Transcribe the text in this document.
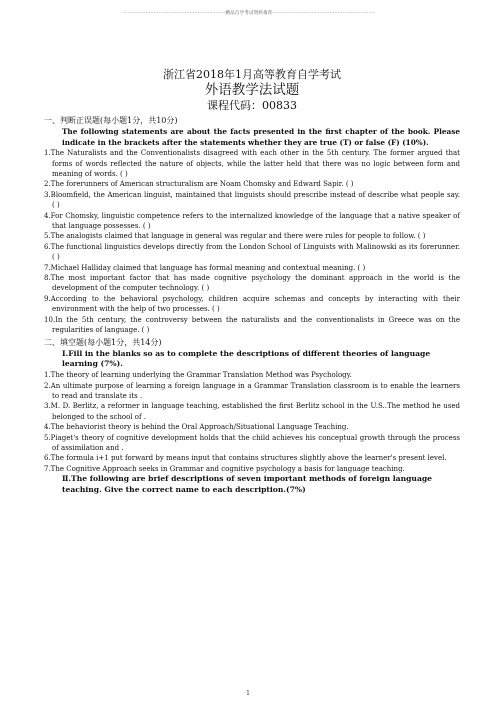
·······························································精品自学考试资料推荐·······························································

浙江省2018年1月高等教育自学考试

外语教学法试题

课程代码：00833

一、判断正误题(每小题1分，共10分)
The following statements are about the facts presented in the first chapter of the book. Please indicate in the brackets after the statements whether they are true (T) or false (F) (10%).
1.The Naturalists and the Conventionalists disagreed with each other in the 5th century. The former argued that forms of words reflected the nature of objects, while the latter held that there was no logic between form and meaning of words. ( )
2.The forerunners of American structuralism are Noam Chomsky and Edward Sapir. ( )
3.Bloomfield, the American linguist, maintained that linguists should prescribe instead of describe what people say. ( )
4.For Chomsky, linguistic competence refers to the internalized knowledge of the language that a native speaker of that language possesses. ( )
5.The analogists claimed that language in general was regular and there were rules for people to follow. ( )
6.The functional linguistics develops directly from the London School of Linguists with Malinowski as its forerunner.( )
7.Michael Halliday claimed that language has formal meaning and contextual meaning. ( )
8.The most important factor that has made cognitive psychology the dominant approach in the world is the development of the computer technology. ( )
9.According to the behavioral psychology, children acquire schemas and concepts by interacting with their environment with the help of two processes. ( )
10.In the 5th century, the controversy between the naturalists and the conventionalists in Greece was on the regularities of language. ( )
二、填空题(每小题1分，共14分)
Ⅰ.Fill in the blanks so as to complete the descriptions of different theories of language learning (7%).
1.The theory of learning underlying the Grammar Translation Method was Psychology.
2.An ultimate purpose of learning a foreign language in a Grammar Translation classroom is to enable the learners to read and translate its .
3.M. D. Berlitz, a reformer in language teaching, established the first Berlitz school in the U.S..The method he used belonged to the school of .
4.The behaviorist theory is behind the Oral Approach/Situational Language Teaching.
5.Piaget's theory of cognitive development holds that the child achieves his conceptual growth through the process of assimilation and .
6.The formula i+1 put forward by means input that contains structures slightly above the learner's present level.
7.The Cognitive Approach seeks in Grammar and cognitive psychology a basis for language teaching.
Ⅱ.The following are brief descriptions of seven important methods of foreign language teaching. Give the correct name to each description.(7%)
1
